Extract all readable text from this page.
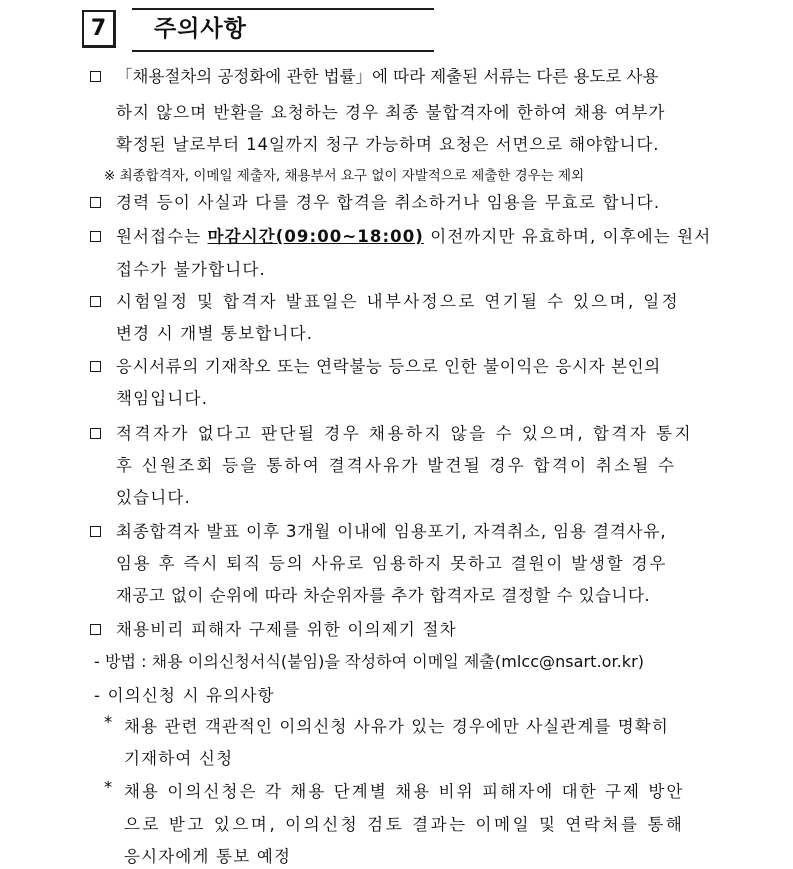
7	주의사항
「채용절차의 공정화에 관한 법률」에 따라 제출된 서류는 다른 용도로 사용
하지 않으며 반환을 요청하는 경우 최종 불합격자에 한하여 채용 여부가
확정된 날로부터 14일까지 청구 가능하며 요청은 서면으로 해야합니다.
※ 최종합격자, 이메일 제출자, 채용부서 요구 없이 자발적으로 제출한 경우는 제외
경력 등이 사실과 다를 경우 합격을 취소하거나 임용을 무효로 합니다.
원서접수는 마감시간(09:00~18:00) 이전까지만 유효하며, 이후에는 원서
접수가 불가합니다.
시험일정 및 합격자 발표일은 내부사정으로 연기될 수 있으며, 일정
변경 시 개별 통보합니다.
응시서류의 기재착오 또는 연락불능 등으로 인한 불이익은 응시자 본인의
책임입니다.
적격자가 없다고 판단될 경우 채용하지 않을 수 있으며, 합격자 통지
후 신원조회 등을 통하여 결격사유가 발견될 경우 합격이 취소될 수
있습니다.
최종합격자 발표 이후 3개월 이내에 임용포기, 자격취소, 임용 결격사유,
임용 후 즉시 퇴직 등의 사유로 임용하지 못하고 결원이 발생할 경우
재공고 없이 순위에 따라 차순위자를 추가 합격자로 결정할 수 있습니다.
채용비리 피해자 구제를 위한 이의제기 절차
- 방법 : 채용 이의신청서식(붙임)을 작성하여 이메일 제출(mlcc@nsart.or.kr)
- 이의신청 시 유의사항
* 채용 관련 객관적인 이의신청 사유가 있는 경우에만 사실관계를 명확히
기재하여 신청
* 채용 이의신청은 각 채용 단계별 채용 비위 피해자에 대한 구제 방안
으로 받고 있으며, 이의신청 검토 결과는 이메일 및 연락처를 통해
응시자에게 통보 예정
